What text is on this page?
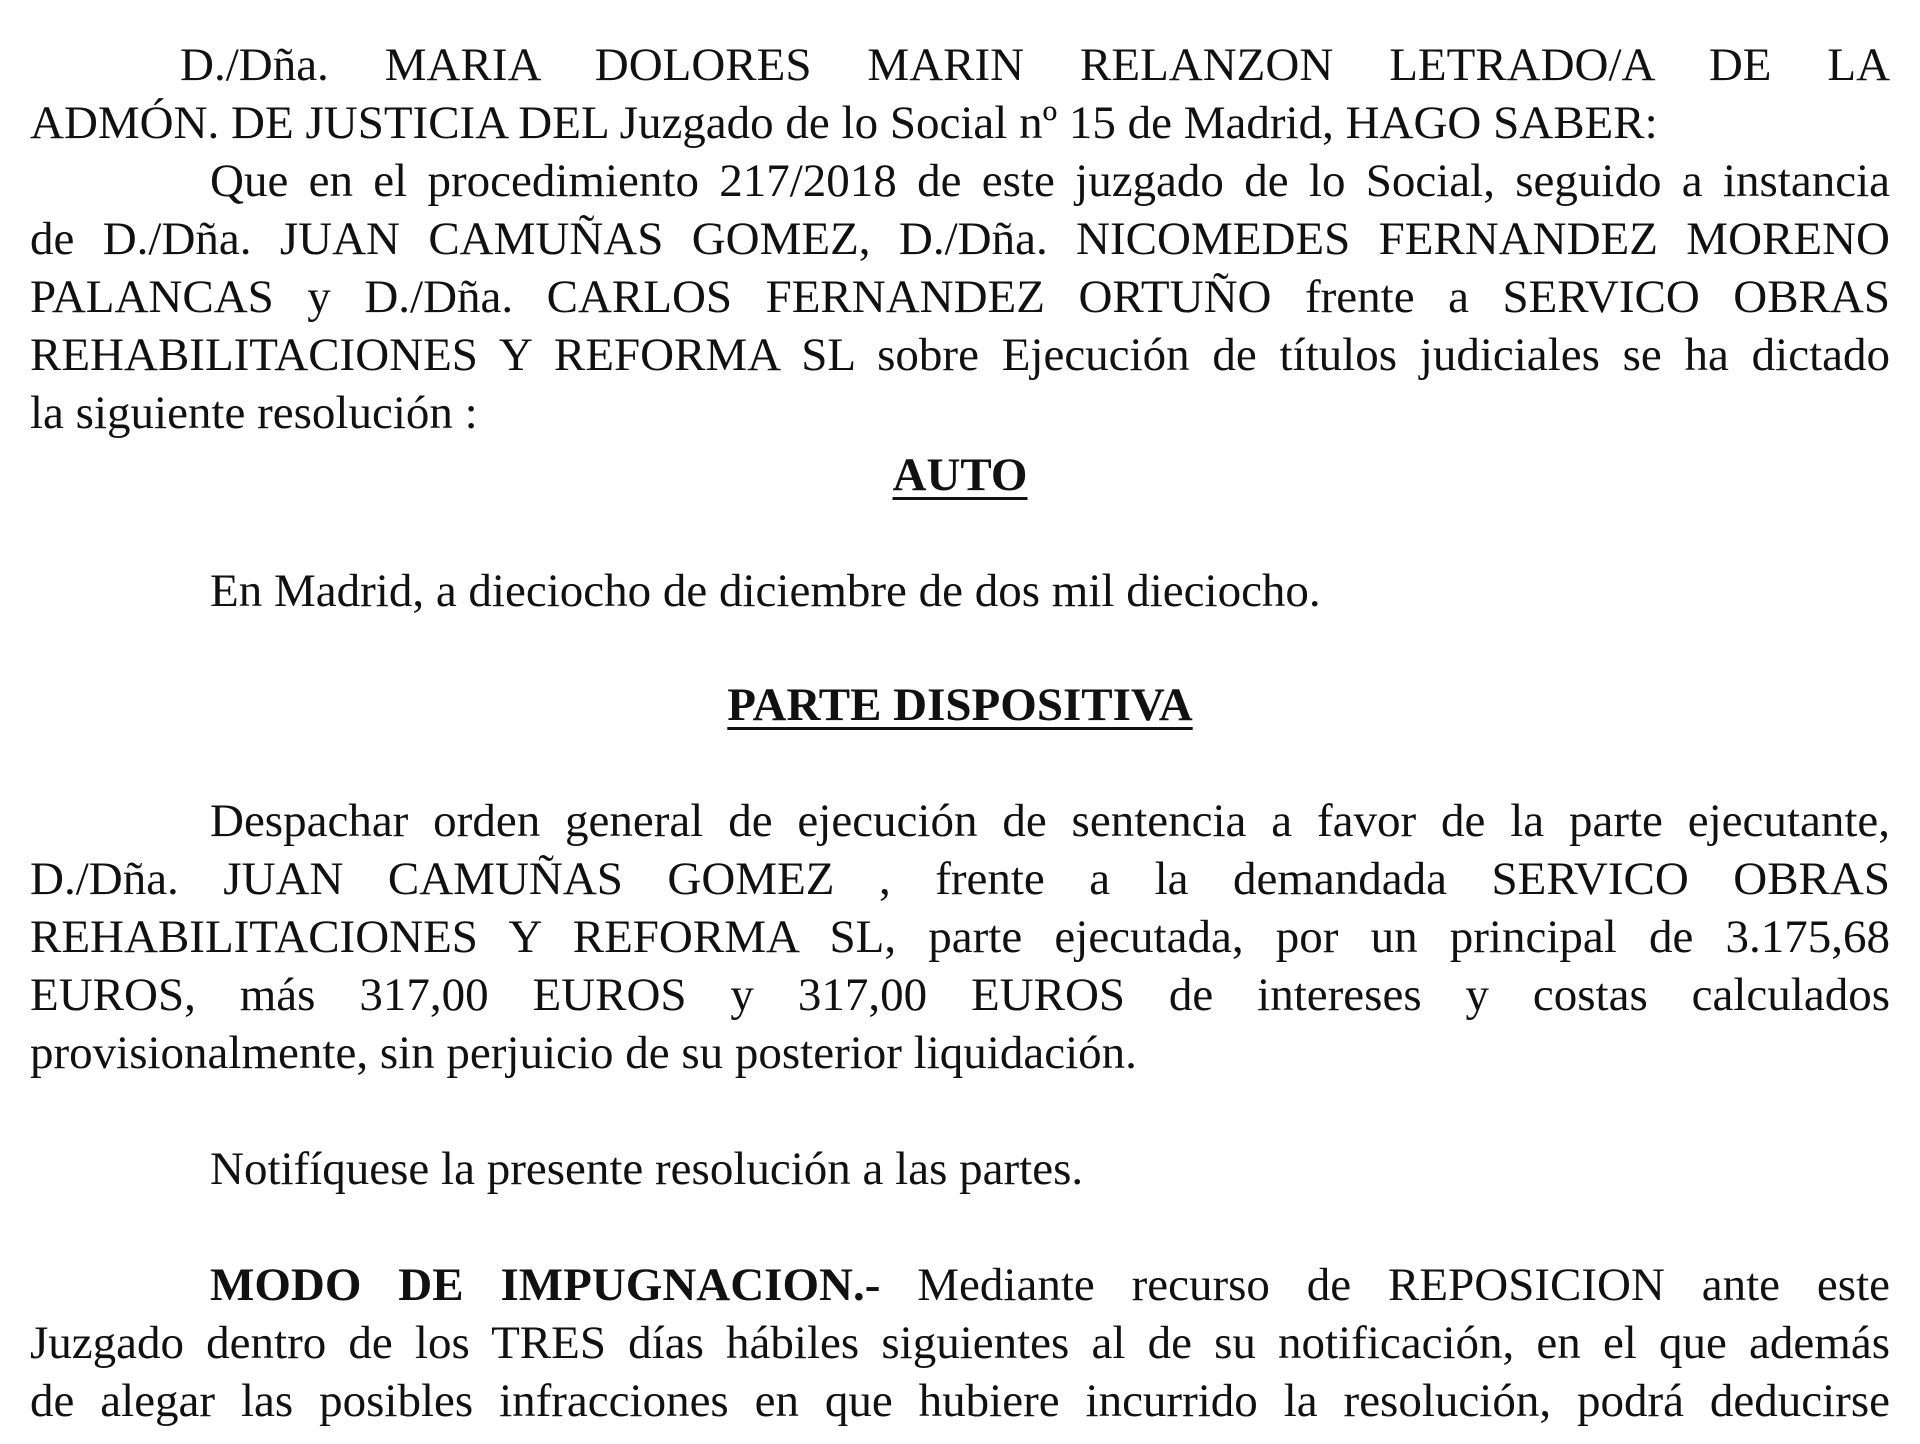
D./Dña. MARIA DOLORES MARIN RELANZON LETRADO/A DE LA
ADMÓN. DE JUSTICIA DEL Juzgado de lo Social nº 15 de Madrid, HAGO SABER:
Que en el procedimiento 217/2018 de este juzgado de lo Social, seguido a instancia
de D./Dña. JUAN CAMUÑAS GOMEZ, D./Dña. NICOMEDES FERNANDEZ MORENO
PALANCAS y D./Dña. CARLOS FERNANDEZ ORTUÑO frente a SERVICO OBRAS
REHABILITACIONES Y REFORMA SL sobre Ejecución de títulos judiciales se ha dictado
la siguiente resolución :
AUTO
En Madrid, a dieciocho de diciembre de dos mil dieciocho.
PARTE DISPOSITIVA
Despachar orden general de ejecución de sentencia a favor de la parte ejecutante,
D./Dña. JUAN CAMUÑAS GOMEZ , frente a la demandada SERVICO OBRAS
REHABILITACIONES Y REFORMA SL, parte ejecutada, por un principal de 3.175,68
EUROS, más 317,00 EUROS y 317,00 EUROS de intereses y costas calculados
provisionalmente, sin perjuicio de su posterior liquidación.
Notifíquese la presente resolución a las partes.
MODO DE IMPUGNACION.- Mediante recurso de REPOSICION ante este
Juzgado dentro de los TRES días hábiles siguientes al de su notificación, en el que además
de alegar las posibles infracciones en que hubiere incurrido la resolución, podrá deducirse
